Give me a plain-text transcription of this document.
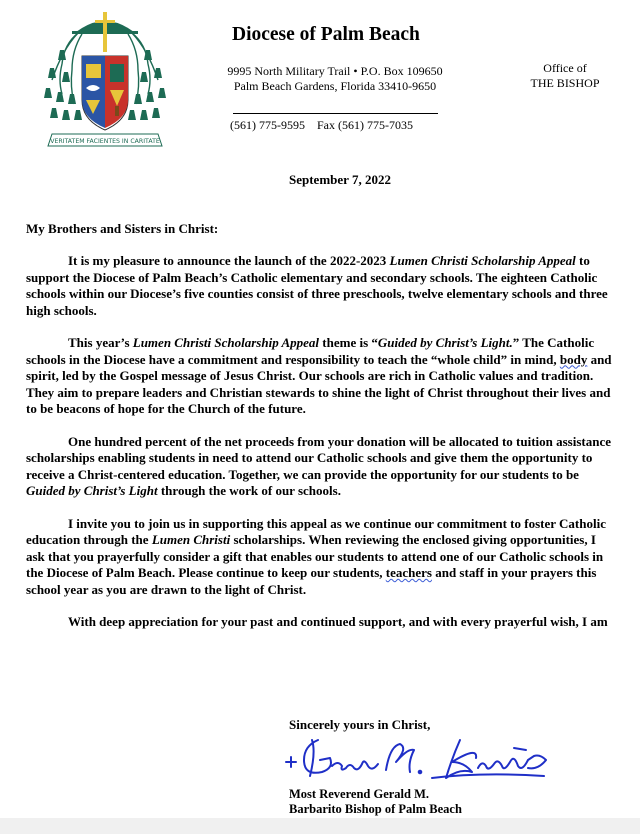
VERITATEM FACIENTES IN CARITATE
Diocese of Palm Beach
9995 North Military Trail • P.O. Box 109650
Palm Beach Gardens, Florida 33410-9650
Office of
THE BISHOP
(561) 775-9595 Fax (561) 775-7035
September 7, 2022
My Brothers and Sisters in Christ:

It is my pleasure to announce the launch of the 2022-2023 Lumen Christi Scholarship Appeal to support the Diocese of Palm Beach’s Catholic elementary and secondary schools. The eighteen Catholic schools within our Diocese’s five counties consist of three preschools, twelve elementary schools and three high schools.

This year’s Lumen Christi Scholarship Appeal theme is “Guided by Christ’s Light.” The Catholic schools in the Diocese have a commitment and responsibility to teach the “whole child” in mind, body and spirit, led by the Gospel message of Jesus Christ. Our schools are rich in Catholic values and tradition. They aim to prepare leaders and Christian stewards to shine the light of Christ throughout their lives and to be beacons of hope for the Church of the future.

One hundred percent of the net proceeds from your donation will be allocated to tuition assistance scholarships enabling students in need to attend our Catholic schools and give them the opportunity to receive a Christ-centered education. Together, we can provide the opportunity for our students to be Guided by Christ’s Light through the work of our schools.

I invite you to join us in supporting this appeal as we continue our commitment to foster Catholic education through the Lumen Christi scholarships. When reviewing the enclosed giving opportunities, I ask that you prayerfully consider a gift that enables our students to attend one of our Catholic schools in the Diocese of Palm Beach. Please continue to keep our students, teachers and staff in your prayers this school year as you are drawn to the light of Christ.

With deep appreciation for your past and continued support, and with every prayerful wish, I am

Sincerely yours in Christ,
Most Reverend Gerald M.
Barbarito Bishop of Palm Beach
